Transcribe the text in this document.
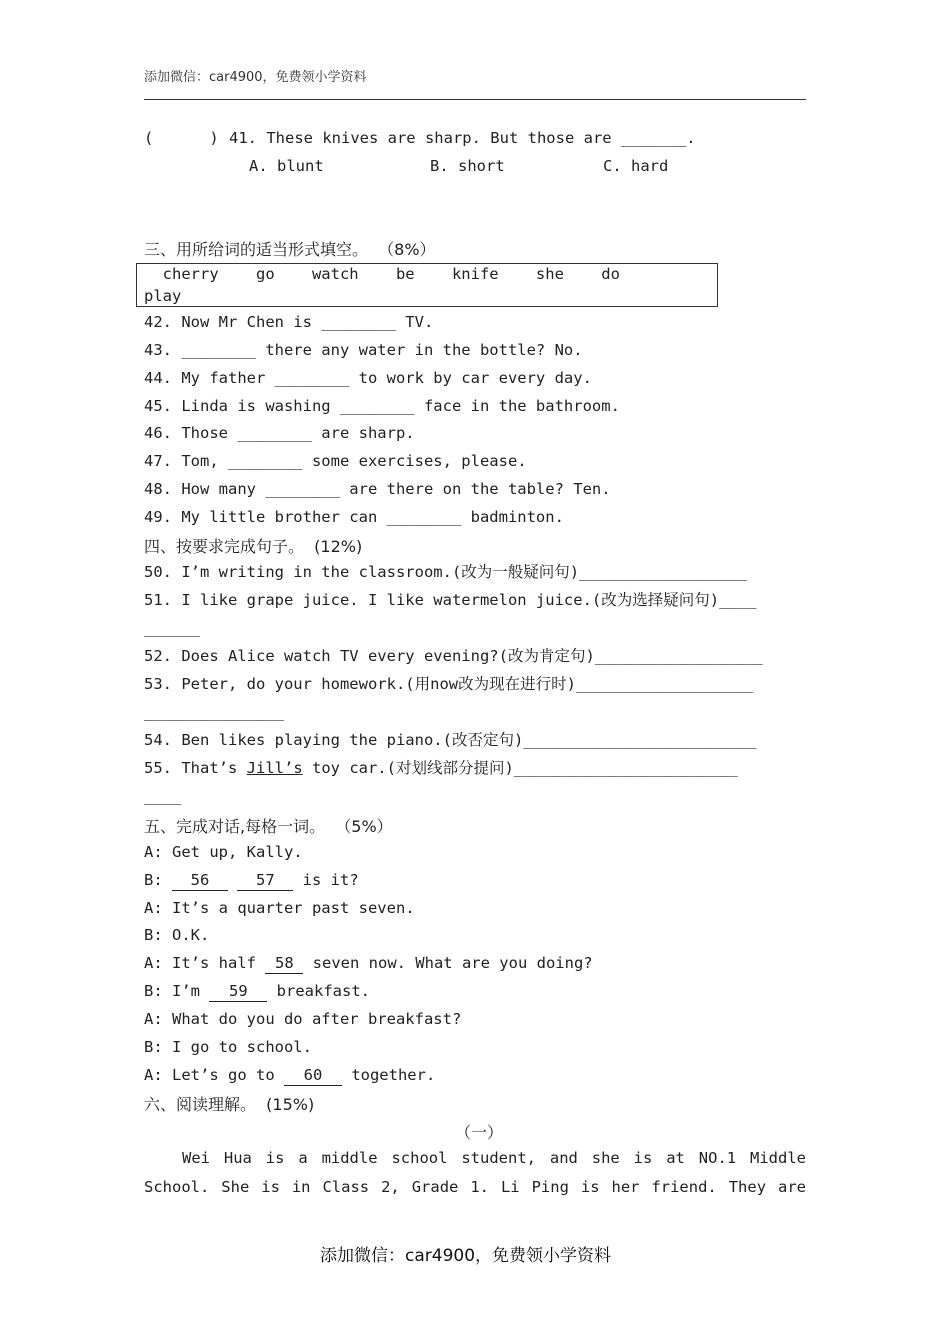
添加微信：car4900，免费领小学资料
(      ) 41. These knives are sharp. But those are _______.
A. blunt	B. short	C. hard
三、用所给词的适当形式填空。  （8%）
cherry    go    watch    be    knife    she    do
play
42. Now Mr Chen is ________ TV.
43. ________ there any water in the bottle? No.
44. My father ________ to work by car every day.
45. Linda is washing ________ face in the bathroom.
46. Those ________ are sharp.
47. Tom, ________ some exercises, please.
48. How many ________ are there on the table? Ten.
49. My little brother can ________ badminton.
四、按要求完成句子。  (12%)
50. I’m writing in the classroom.(改为一般疑问句)__________________
51. I like grape juice. I like watermelon juice.(改为选择疑问句)____
______
52. Does Alice watch TV every evening?(改为肯定句)__________________
53. Peter, do your homework.(用now改为现在进行时)___________________
_______________
54. Ben likes playing the piano.(改否定句)_________________________
55. That’s Jill’s toy car.(对划线部分提问)________________________
____
五、完成对话,每格一词。  （5%）
A: Get up, Kally.
B: 56	57 is it?
A: It’s a quarter past seven.
B: O.K.
A: It’s half 58 seven now. What are you doing?
B: I’m 59 breakfast.
A: What do you do after breakfast?
B: I go to school.
A: Let’s go to 60 together.
六、阅读理解。  (15%)
（一）
Wei Hua is a middle school student, and she is at NO.1 Middle
School. She is in Class 2, Grade 1. Li Ping is her friend. They are
添加微信：car4900，免费领小学资料
